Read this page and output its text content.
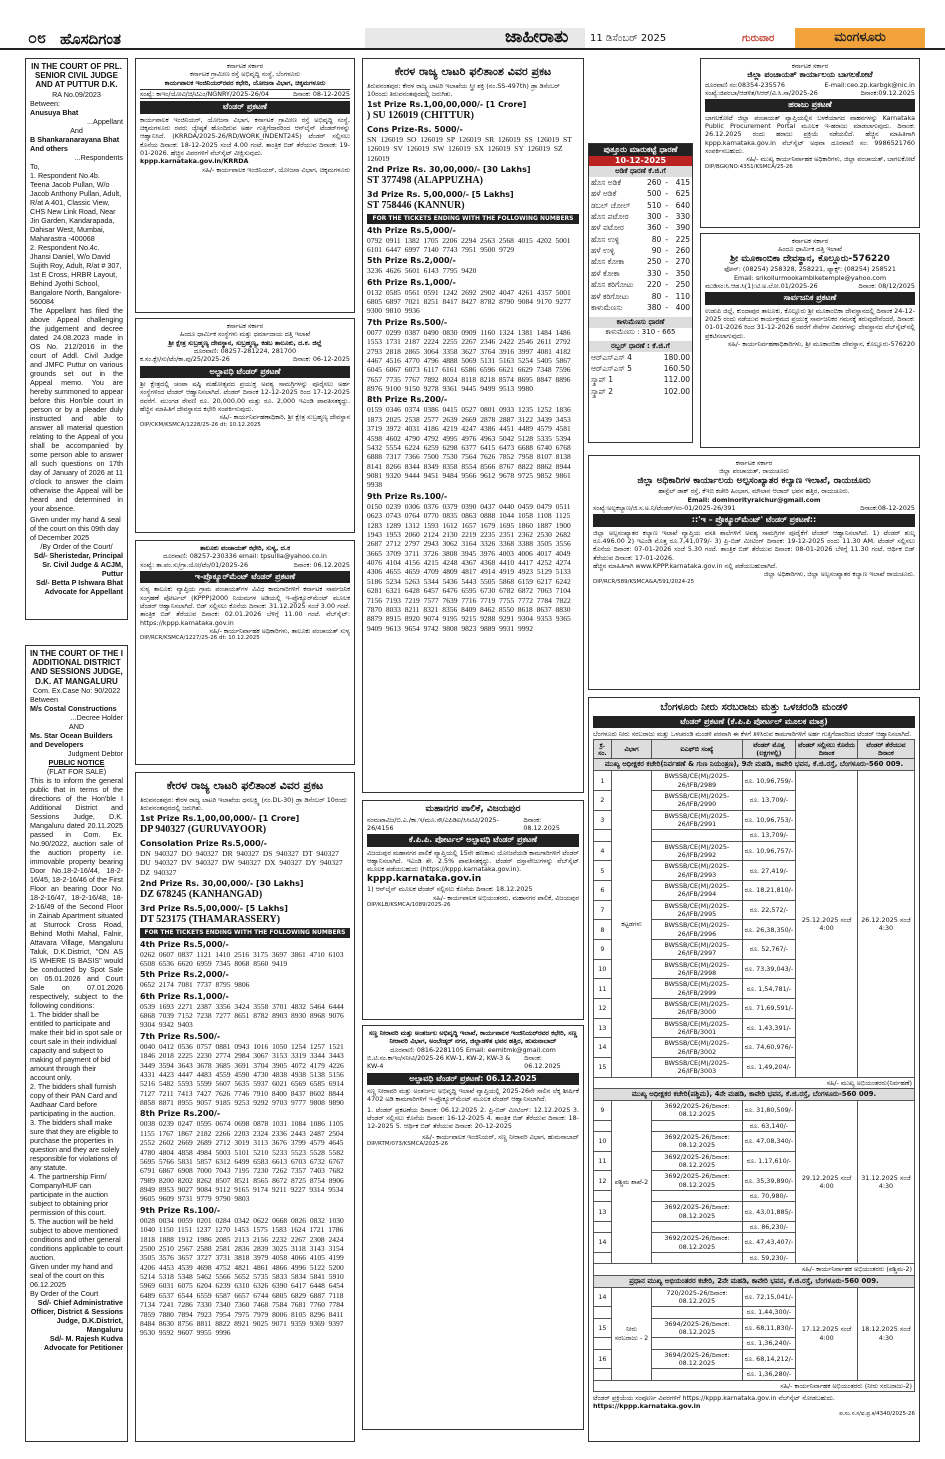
೦೮ ಹೊಸದಿಗಂತ	ಜಾಹೀರಾತು 11 ಡಿಸೆಂಬರ್ 2025	ಗುರುವಾರ	ಮಂಗಳೂರು
IN THE COURT OF PRL. SENIOR CIVIL JUDGE AND AT PUTTUR D.K.
RA No.09/2023
Between:
Anusuya Bhat
...Appellant
And
B Shankaranarayana Bhat And others
...Respondents
To,
1. Respondent No.4b.
Teena Jacob Pullan, W/o Jacob Anthony Pullan, Adult, R/at A 401, Classic View, CHS New Link Road, Near Jin Garden, Kandarapada, Dahisar West, Mumbai, Maharastra -400068
2. Respondent No.4c.
Jhansi Daniel, W/o David Sujith Roy, Adult, R/at # 307, 1st E Cross, HRBR Layout, Behind Jyothi School, Bangalore North, Bangalore-560084
The Appellant has filed the above Appeal challenging the judgement and decree dated 24.08.2023 made in OS No. 212/2016 in the court of Addl. Civil Judge and JMFC Puttur on various grounds set out in the Appeal memo. You are hereby summoned to appear before this Hon'ble court in person or by a pleader duly instructed and able to answer all material question relating to the Appeal of you shall be accompanied by some person able to answer all such questions on 17th day of January of 2026 at 11 o'clock to answer the claim otherwise the Appeal will be heard and determined in your absence.
Given under my hand & seal of the court on this 09th day of December 2025
/By Order of the Court/
Sd/- Sheristedar, Principal Sr. Civil Judge & ACJM, Puttur
Sd/- Betta P Ishwara Bhat Advocate for Appellant
IN THE COURT OF THE I ADDITIONAL DISTRICT AND SESSIONS JUDGE, D.K. AT MANGALURU
Com. Ex.Case No: 90/2022
Between
M/s Costal Constructions
...Decree Holder
AND
Ms. Star Ocean Builders and Developers
Judgment Debtor
PUBLIC NOTICE
(FLAT FOR SALE)
This is to inform the general public that in terms of the directions of the Hon'ble I Additional District and Sessions Judge, D.K. Mangaluru dated 20.11.2025 passed in Com. Ex. No.90/2022, auction sale of the auction property i.e. immovable property bearing Door No.18-2-16/44, 18-2-16/45, 18-2-16/46 of the First Floor an bearing Door No. 18-2-16/47, 18-2-16/48, 18-2-16/49 of the Second Floor in Zainab Apartment situated at Sturrock Cross Road, Behind Mothi Mahal, Falnir, Attavara Village, Mangaluru Taluk, D.K.District, "ON AS IS WHERE IS BASIS" would be conducted by Spot Sale on 05.01.2026 and Court Sale on 07.01.2026 respectively, subject to the following conditions:
1. The bidder shall be entitled to participate and make their bid in spot sale or court sale in their individual capacity and subject to making of payment of bid amount through their account only.
2. The bidders shall furnish copy of their PAN Card and Aadhaar Card before participating in the auction.
3. The bidders shall make sure that they are eligible to purchase the properties in question and they are solely responsible for violations of any statute.
4. The partnership Firm/ Company/HUF can participate in the auction subject to obtaining prior permission of this court.
5. The auction will be held subject to above mentioned conditions and other general conditions applicable to court auction.
Given under my hand and seal of the court on this 06.12.2025
By Order of the Court
Sd/- Chief Administrative Officer, District & Sessions Judge, D.K.District, Mangaluru
Sd/- M. Rajesh Kudva Advocate for Petitioner
ಕರ್ನಾಟಕ ಸರ್ಕಾರ
ಕರ್ನಾಟಕ ಗ್ರಾಮೀಣ ರಸ್ತೆ ಅಭಿವೃದ್ಧಿ ಸಂಸ್ಥೆ, ಬೆಂಗಳೂರು
ಕಾರ್ಯಪಾಲಕ ಇಂಜಿನಿಯರ್‌ರವರ ಕಛೇರಿ, ಯೋಜನಾ ವಿಭಾಗ, ಚಿಕ್ಕಮಗಳೂರು
ಸಂಖ್ಯೆ: ಕಾಇಂ/ಯೋವಿ/ಚಿ/ಟಿಎಂ/NGNRY/2025-26/04	ದಿನಾಂಕ: 08-12-2025
ಟೆಂಡರ್ ಪ್ರಕಟಣೆ
ಕಾರ್ಯಪಾಲಕ ಇಂಜಿನಿಯರ್, ಯೋಜನಾ ವಿಭಾಗ, ಕರ್ನಾಟಕ ಗ್ರಾಮೀಣ ರಸ್ತೆ ಅಭಿವೃದ್ಧಿ ಸಂಸ್ಥೆ, ಚಿಕ್ಕಮಗಳೂರು ರವರು ಜ್ಯೇಷ್ಠತೆ ಹೊಂದಿರುವ ಅರ್ಹ ಗುತ್ತಿಗೆದಾರರಿಂದ ಆನ್‌ಲೈನ್ ಟೆಂಡರ್‌ಗಳನ್ನು ಆಹ್ವಾನಿಸಿದೆ. (KRRDA/2025-26/RD/WORK_INDENT245) ಟೆಂಡರ್ ಸಲ್ಲಿಸಲು ಕೊನೆಯ ದಿನಾಂಕ: 18-12-2025 ಸಂಜೆ 4.00 ಗಂಟೆ. ತಾಂತ್ರಿಕ ಬಿಡ್ ತೆರೆಯುವ ದಿನಾಂಕ: 19-01-2026. ಹೆಚ್ಚಿನ ವಿವರಗಳಿಗೆ ವೆಬ್‌ಸೈಟ್ ವೀಕ್ಷಿಸುವುದು.
kppp.karnataka.gov.in/KRRDA
ಸಹಿ/- ಕಾರ್ಯಪಾಲಕ ಇಂಜಿನಿಯರ್, ಯೋಜನಾ ವಿಭಾಗ, ಚಿಕ್ಕಮಗಳೂರು
ಕರ್ನಾಟಕ ಸರ್ಕಾರ
ಹಿಂದೂ ಧಾರ್ಮಿಕ ಸಂಸ್ಥೆಗಳು ಮತ್ತು ಧರ್ಮಾದಾಯ ದತ್ತಿ ಇಲಾಖೆ
ಶ್ರೀ ಕ್ಷೇತ್ರ ಸುಬ್ರಹ್ಮಣ್ಯ ದೇವಸ್ಥಾನ, ಸುಬ್ರಹ್ಮಣ್ಯ, ಕಡಬ ತಾಲೂಕು, ದ.ಕ. ಜಿಲ್ಲೆ
ದೂರವಾಣಿ: 08257-281224, 281700
ಕ.ಸಂ.ಕ್ಷೇ/ಸು/ಟೆಂ/ಕಾ.ಪು/25/2025-26	ದಿನಾಂಕ: 06-12-2025
ಅಲ್ಪಾವಧಿ ಟೆಂಡರ್ ಪ್ರಕಟಣೆ
ಶ್ರೀ ಕ್ಷೇತ್ರದಲ್ಲಿ ಚಂಪಾ ಷಷ್ಠಿ ಮಹೋತ್ಸವದ ಪ್ರಯುಕ್ತ ಅವಶ್ಯ ಸಾಮಗ್ರಿಗಳನ್ನು ಪೂರೈಸಲು ಅರ್ಹ ಸಂಸ್ಥೆಗಳಿಂದ ಟೆಂಡರ್ ಆಹ್ವಾನಿಸಲಾಗಿದೆ. ಟೆಂಡರ್ ದಿನಾಂಕ 12-12-2025 ರಿಂದ 17-12-2025 ರವರೆಗೆ. ಮುಂಗಡ ಠೇವಣಿ ರೂ. 20,000.00 ಮತ್ತು ರೂ. 2,000 ಇಎಂಡಿ ಪಾವತಿಸತಕ್ಕದ್ದು. ಹೆಚ್ಚಿನ ಮಾಹಿತಿಗೆ ದೇವಸ್ಥಾನದ ಕಛೇರಿ ಸಂಪರ್ಕಿಸುವುದು.
ಸಹಿ/- ಕಾರ್ಯನಿರ್ವಹಣಾಧಿಕಾರಿ, ಶ್ರೀ ಕ್ಷೇತ್ರ ಸುಬ್ರಹ್ಮಣ್ಯ ದೇವಸ್ಥಾನ
DIP/CKM/KSMCA/1228/25-26 dt: 10.12.2025
ತಾಲೂಕು ಪಂಚಾಯತ್ ಕಛೇರಿ, ಸುಳ್ಯ, ದ.ಕ
ದೂರವಾಣಿ: 08257-230336 email: tpsullia@yahoo.co.in
ಸಂಖ್ಯೆ: ತಾ.ಪಂ.ಸು/ಗ್ರಾ.ಯೋ/ಟೆಂ/01/2025-26	ದಿನಾಂಕ: 06.12.2025
ಇ-ಪ್ರೊಕ್ಯೂರ್‌ಮೆಂಟ್ ಟೆಂಡರ್ ಪ್ರಕಟಣೆ
ಸುಳ್ಯ ತಾಲೂಕು ವ್ಯಾಪ್ತಿಯ ಗ್ರಾಮ ಪಂಚಾಯತ್‌ಗಳ ವಿವಿಧ ಕಾಮಗಾರಿಗಳಿಗೆ ಕರ್ನಾಟಕ ಸಾರ್ವಜನಿಕ ಸಂಗ್ರಹಣೆ ಪೋರ್ಟಲ್ (KPPP)2000 ನಿಯಮಗಳ ಅಡಿಯಲ್ಲಿ ಇ-ಪ್ರೊಕ್ಯೂರ್‌ಮೆಂಟ್ ಮೂಲಕ ಟೆಂಡರ್ ಆಹ್ವಾನಿಸಲಾಗಿದೆ. ಬಿಡ್ ಸಲ್ಲಿಸಲು ಕೊನೆಯ ದಿನಾಂಕ: 31.12.2025 ಸಂಜೆ 3.00 ಗಂಟೆ. ತಾಂತ್ರಿಕ ಬಿಡ್ ತೆರೆಯುವ ದಿನಾಂಕ: 02.01.2026 ಬೆಳಿಗ್ಗೆ 11.00 ಗಂಟೆ. ವೆಬ್‌ಸೈಟ್: https://kppp.karnataka.gov.in
ಸಹಿ/- ಕಾರ್ಯನಿರ್ವಾಹಕ ಅಧಿಕಾರಿಗಳು, ತಾಲೂಕು ಪಂಚಾಯತ್ ಸುಳ್ಯ
DIP/RCR/KSMCA/1227/25-26 dt: 10.12.2025
ಕೇರಳ ರಾಜ್ಯ ಲಾಟರಿ ಫಲಿತಾಂಶ ವಿವರ ಪ್ರಕಟ
ತಿರುವನಂತಪುರ: ಕೇರಳ ರಾಜ್ಯ ಲಾಟರಿ ಇಲಾಖೆಯ ಧನಲಕ್ಷ್ಮಿ (ನಂ.DL-30) ಡ್ರಾ ಡಿಸೆಂಬರ್ 10ರಂದು ತಿರುವನಂತಪುರದಲ್ಲಿ ಜರುಗಿತು.
1st Prize Rs.1,00,00,000/- [1 Crore]
DP 940327 (GURUVAYOOR)
Consolation Prize Rs.5,000/-
DN 940327 DO 940327 DR 940327 DS 940327 DT 940327 DU 940327 DV 940327 DW 940327 DX 940327 DY 940327 DZ 940327
2nd Prize Rs. 30,00,000/- [30 Lakhs]
DZ 678245 (KANHANGAD)
3rd Prize Rs.5,00,000/- [5 Lakhs]
DT 523175 (THAMARASSERY)
FOR THE TICKETS ENDING WITH THE FOLLOWING NUMBERS
4th Prize Rs.5,000/-
0262 0607 0837 1121 1410 2516 3175 3697 3861 4710 6103 6508 6536 6620 6959 7345 8068 8560 9419
5th Prize Rs.2,000/-
0652 2174 7081 7737 8795 9806
6th Prize Rs.1,000/-
0539 1693 2271 2387 3356 3424 3558 3701 4832 5464 6444 6868 7039 7152 7238 7277 8651 8782 8903 8930 8968 9076 9304 9342 9403
7th Prize Rs.500/-
0040 0412 0536 0757 0881 0943 1016 1050 1254 1257 1521 1846 2018 2225 2230 2774 2984 3067 3153 3319 3344 3443 3449 3594 3643 3678 3685 3691 3704 3905 4072 4179 4226 4331 4423 4447 4483 4559 4590 4730 4838 4938 5138 5156 5216 5482 5593 5599 5607 5635 5937 6021 6569 6585 6914 7127 7211 7413 7427 7626 7746 7910 8400 8437 8602 8844 8858 8871 8955 9057 9185 9253 9292 9703 9777 9808 9890
8th Prize Rs.200/-
0038 0239 0247 0595 0674 0698 0878 1031 1084 1086 1105 1155 1767 1867 2182 2266 2203 2324 2336 2443 2487 2504 2552 2602 2669 2689 2712 3019 3113 3676 3799 4579 4645 4780 4804 4858 4984 5003 5101 5210 5233 5523 5528 5582 5695 5766 5831 5857 6312 6499 6583 6613 6703 6732 6767 6791 6867 6908 7000 7043 7195 7230 7262 7357 7403 7682 7989 8200 8202 8262 8507 8521 8565 8672 8725 8754 8906 8949 8953 9027 9084 9112 9165 9174 9211 9227 9314 9534 9605 9609 9731 9779 9790 9803
9th Prize Rs.100/-
0028 0034 0059 0201 0284 0342 0622 0668 0826 0832 1030 1040 1150 1151 1237 1270 1453 1575 1583 1624 1721 1786 1818 1888 1912 1986 2085 2113 2156 2232 2267 2308 2424 2500 2510 2567 2588 2581 2836 2839 3025 3118 3143 3154 3505 3576 3657 3727 3731 3818 3979 4058 4066 4105 4199 4206 4453 4539 4698 4752 4821 4861 4866 4996 5122 5200 5214 5318 5348 5462 5566 5652 5735 5833 5834 5841 5910 5969 6031 6075 6204 6239 6310 6326 6390 6417 6448 6454 6489 6537 6544 6559 6587 6657 6744 6805 6829 6887 7118 7134 7241 7286 7330 7340 7360 7468 7584 7681 7760 7784 7859 7880 7894 7923 7954 7975 7979 8006 8105 8296 8411 8484 8630 8756 8811 8822 8921 9025 9071 9359 9369 9397 9530 9592 9607 9955 9996
ಕೇರಳ ರಾಜ್ಯ ಲಾಟರಿ ಫಲಿತಾಂಶ ವಿವರ ಪ್ರಕಟ
ತಿರುವನಂತಪುರ: ಕೇರಳ ರಾಜ್ಯ ಲಾಟರಿ ಇಲಾಖೆಯ ಸ್ತ್ರೀ ಶಕ್ತಿ (ನಂ.SS-497th) ಡ್ರಾ ಡಿಸೆಂಬರ್ 10ರಂದು ತಿರುವನಂತಪುರದಲ್ಲಿ ಜರುಗಿತು.
1st Prize Rs.1,00,00,000/- [1 Crore]
) SU 126019 (CHITTUR)
Cons Prize-Rs. 5000/-
SN 126019 SO 126019 SP 126019 SR 126019 SS 126019 ST 126019 SV 126019 SW 126019 SX 126019 SY 126019 SZ 126019
2nd Prize Rs. 30,00,000/- [30 Lakhs]
ST 377498 (ALAPPUZHA)
3d Prize Rs. 5,00,000/- [5 Lakhs]
ST 758446 (KANNUR)
FOR THE TICKETS ENDING WITH THE FOLLOWING NUMBERS
4th Prize Rs.5,000/-
0792 0911 1382 1705 2206 2294 2563 2568 4015 4202 5001 6101 6447 6997 7140 7743 7951 9500 9729
5th Prize Rs.2,000/-
3236 4626 5601 6143 7795 9420
6th Prize Rs.1,000/-
0132 0585 0561 0591 1242 2692 2902 4047 4261 4357 5001 6805 6897 7021 8251 8417 8427 8782 8790 9084 9170 9277 9300 9810 9936
7th Prize Rs.500/-
0077 0299 0387 0490 0830 0909 1160 1324 1381 1484 1486 1553 1731 2187 2224 2255 2267 2346 2422 2546 2611 2792 2793 2818 2865 3064 3358 3627 3764 3916 3997 4081 4182 4467 4516 4770 4796 4888 5069 5131 5163 5254 5405 5867 6045 6067 6073 6117 6161 6586 6596 6621 6629 7348 7596 7657 7735 7767 7892 8024 8118 8218 8574 8695 8847 8896 8976 9100 9150 9278 9361 9445 9499 9513 9980
8th Prize Rs.200/-
0159 0346 0374 0386 0415 0527 0801 0933 1235 1252 1836 1873 2025 2538 2577 2639 2669 2878 2887 3122 3439 3453 3719 3972 4031 4186 4219 4247 4386 4451 4489 4579 4581 4598 4602 4790 4792 4995 4976 4963 5042 5128 5335 5394 5432 5554 6224 6259 6298 6377 6415 6473 6688 6740 6768 6888 7317 7366 7500 7530 7564 7626 7852 7958 8107 8138 8141 8266 8344 8349 8358 8554 8566 8767 8822 8862 8944 9081 9320 9444 9451 9484 9566 9612 9678 9725 9852 9861 9938
9th Prize Rs.100/-
0150 0239 0306 0376 0379 0390 0437 0440 0459 0479 0511 0623 0743 0764 0770 0835 0863 0888 1044 1058 1108 1125 1283 1289 1312 1593 1612 1657 1679 1695 1860 1887 1900 1943 1953 2060 2124 2130 2219 2235 2351 2362 2530 2682 2687 2712 2797 2943 3062 3164 3326 3368 3388 3505 3556 3665 3709 3711 3726 3808 3945 3976 4003 4006 4017 4049 4076 4104 4156 4215 4248 4367 4368 4410 4417 4252 4274 4306 4655 4659 4709 4809 4817 4914 4919 4923 5129 5133 5186 5234 5263 5344 5436 5443 5505 5868 6159 6217 6242 6281 6321 6428 6457 6476 6595 6730 6782 6872 7063 7104 7156 7193 7219 7577 7639 7716 7719 7755 7772 7784 7822 7870 8033 8211 8321 8356 8409 8462 8550 8618 8637 8830 8879 8915 8920 9074 9195 9215 9288 9291 9304 9353 9365 9409 9613 9654 9742 9808 9823 9889 9931 9992
ಪುತ್ತೂರು ಮಾರುಕಟ್ಟೆ ಧಾರಣೆ
10-12-2025
ಅಡಿಕೆ ಧಾರಣೆ ಕೆ.ಜಿ.ಗೆ
ಹೊಸ ಅಡಿಕೆ	260	-	415
ಹಳೆ ಅಡಿಕೆ	500	-	625
ಡಬಲ್ ಚೋಲ್	510	-	640
ಹೊಸ ಪಟೋರ	300	-	330
ಹಳೆ ಪಟೋರ	360	-	390
ಹೊಸ ಉಳ್ಳಿ	80	-	225
ಹಳೆ ಉಳ್ಳಿ	90	-	260
ಹೊಸ ಕೋಕಾ	250	-	270
ಹಳೆ ಕೋಕಾ	330	-	350
ಹೊಸ ಕರಿಗೋಟು	220	-	250
ಹಳೆ ಕರಿಗೋಟು	80	-	110
ಕಾಳುಮೆಣಸು	380	-	400
ಕಾಳುಮೆಣಸು ಧಾರಣೆ
ಕಾಳುಮೆಣಸು : 310 - 665
ರಬ್ಬರ್ ಧಾರಣೆ : ಕೆ.ಜಿ.ಗೆ
ಆರ್‌ಎಸ್‌ಎಸ್ 4	180.00
ಆರ್‌ಎಸ್‌ಎಸ್ 5	160.50
ಸ್ಕ್ರಾಪ್ 1	112.00
ಸ್ಕ್ರಾಪ್ 2	102.00
ಮಹಾನಗರ ಪಾಲಿಕೆ, ವಿಜಯಪುರ
ನಂಮಪಾವಿಜ/ಬಿ.ಎ./ಕಾ.ಇ/ಮೂ.ಸೌ/ಎಪಿಡಿಐ/ಸಿಸಿಟಿವಿ/2025-26/4156
ದಿನಾಂಕ: 08.12.2025
ಕೆ.ಪಿ.ಪಿ. ಪೋರ್ಟಲ್ ಅಲ್ಪಾವಧಿ ಟೆಂಡರ್ ಪ್ರಕಟಣೆ
ವಿಜಯಪುರ ಮಹಾನಗರ ಪಾಲಿಕೆ ವ್ಯಾಪ್ತಿಯಲ್ಲಿ 15ನೇ ಹಣಕಾಸು ಯೋಜನೆಯಡಿ ಕಾಮಗಾರಿಗಳಿಗೆ ಟೆಂಡರ್ ಆಹ್ವಾನಿಸಲಾಗಿದೆ. ಇಎಂಡಿ ಶೇ. 2.5% ಪಾವತಿಸತಕ್ಕದ್ದು. ಟೆಂಡರ್ ದಸ್ತಾವೇಜುಗಳನ್ನು ವೆಬ್‌ಸೈಟ್ ಮೂಲಕ ಪಡೆಯಬಹುದು (https://kppp.karnataka.gov.in).
kppp.karnataka.gov.in
1) ಆನ್‌ಲೈನ್ ಮೂಲಕ ಟೆಂಡರ್ ಸಲ್ಲಿಸಲು ಕೊನೆಯ ದಿನಾಂಕ: 18.12.2025
ಸಹಿ/- ಕಾರ್ಯಪಾಲಕ ಅಭಿಯಂತರರು, ಮಹಾನಗರ ಪಾಲಿಕೆ, ವಿಜಯಪುರ
DIP/KLB/KSMCA/1089/2025-26
ಸಣ್ಣ ನೀರಾವರಿ ಮತ್ತು ಅಂತರ್ಜಲ ಅಭಿವೃದ್ಧಿ ಇಲಾಖೆ, ಕಾರ್ಯಪಾಲಕ ಇಂಜಿನಿಯರ್‌ರವರ ಕಛೇರಿ, ಸಣ್ಣ ನೀರಾವರಿ ವಿಭಾಗ, ಅಂಬೇಡ್ಕರ್ ನಗರ, ಜಿಲ್ಲಾಡಳಿತ ಭವನ ಹತ್ತಿರ, ಹುಮನಾಬಾದ್
ದೂರವಾಣಿ: 0816-2281105 Email: eemitmk@gmail.com
ಬಿ.ಟಿ.ಸಂ.ಕಾಇಂ/ಸನೀವಿ/2025-26 KW-1, KW-2, KW-3 & KW-4
ದಿನಾಂಕ: 06.12.2025
ಅಲ್ಪಾವಧಿ ಟೆಂಡರ್ ಪ್ರಕಟಣೆ: 06.12.2025
ಸಣ್ಣ ನೀರಾವರಿ ಮತ್ತು ಅಂತರ್ಜಲ ಅಭಿವೃದ್ಧಿ ಇಲಾಖೆ ವ್ಯಾಪ್ತಿಯಲ್ಲಿ 2025-26ನೇ ಸಾಲಿನ ಲೆಕ್ಕ ಶೀರ್ಷಿಕೆ 4702 ಅಡಿ ಕಾಮಗಾರಿಗಳಿಗೆ ಇ-ಪ್ರೊಕ್ಯೂರ್‌ಮೆಂಟ್ ಮೂಲಕ ಟೆಂಡರ್ ಆಹ್ವಾನಿಸಲಾಗಿದೆ.
1. ಟೆಂಡರ್ ಪ್ರಕಟಣೆಯ ದಿನಾಂಕ: 06.12.2025 2. ಪ್ರಿ-ಬಿಡ್ ಮೀಟಿಂಗ್: 12.12.2025 3. ಟೆಂಡರ್ ಸಲ್ಲಿಸಲು ಕೊನೆಯ ದಿನಾಂಕ: 16-12-2025 4. ತಾಂತ್ರಿಕ ಬಿಡ್ ತೆರೆಯುವ ದಿನಾಂಕ: 18-12-2025 5. ಆರ್ಥಿಕ ಬಿಡ್ ತೆರೆಯುವ ದಿನಾಂಕ: 20-12-2025
ಸಹಿ/- ಕಾರ್ಯಪಾಲಕ ಇಂಜಿನಿಯರ್, ಸಣ್ಣ ನೀರಾವರಿ ವಿಭಾಗ, ಹುಮನಾಬಾದ್
DIP/RTM/073/KSMCA/2025-26
ಕರ್ನಾಟಕ ಸರ್ಕಾರ
ಜಿಲ್ಲಾ ಪಂಚಾಯತ್ ಕಾರ್ಯಾಲಯ ಬಾಗಲಕೋಟೆ
ದೂರವಾಣಿ ಸಂ:08354-235576	E-mail:ceo.zp.karbgk@nic.in
ಸಂಖ್ಯೆ:ಜಿಪಂಬಾ/ಆಡಳಿತ/ಸಿಆರ್/ವಿ.ಸಿ.ಸಾ/2025-26	ದಿನಾಂಕ:09.12.2025
ಹರಾಜು ಪ್ರಕಟಣೆ
ಬಾಗಲಕೋಟೆ ಜಿಲ್ಲಾ ಪಂಚಾಯತ್ ವ್ಯಾಪ್ತಿಯಲ್ಲಿನ ಬಳಕೆಯಾಗದ ವಾಹನಗಳನ್ನು Karnataka Public Procurement Portal ಮೂಲಕ ಇ-ಹರಾಜು ಮಾಡಲಾಗುವುದು. ದಿನಾಂಕ: 26.12.2025 ರಂದು ಹರಾಜು ಪ್ರಕ್ರಿಯೆ ನಡೆಯಲಿದೆ. ಹೆಚ್ಚಿನ ಮಾಹಿತಿಗಾಗಿ kppp.karnataka.gov.in ವೆಬ್‌ಸೈಟ್ ಅಥವಾ ದೂರವಾಣಿ ಸಂ: 9986521760 ಸಂಪರ್ಕಿಸಬಹುದು.
ಸಹಿ/- ಮುಖ್ಯ ಕಾರ್ಯನಿರ್ವಾಹಕ ಅಧಿಕಾರಿಗಳು, ಜಿಲ್ಲಾ ಪಂಚಾಯತ್, ಬಾಗಲಕೋಟೆ
DIP/BGK/NO:4351/KSMCA/25-26
ಕರ್ನಾಟಕ ಸರ್ಕಾರ
ಹಿಂದೂ ಧಾರ್ಮಿಕ ದತ್ತಿ ಇಲಾಖೆ
ಶ್ರೀ ಮೂಕಾಂಬಿಕಾ ದೇವಸ್ಥಾನ, ಕೊಲ್ಲೂರು-576220
ಫೋನ್: (08254) 258328, 258221, ಫ್ಯಾಕ್ಸ್: (08254) 258521
Email: srikollurmookambiketemple@yahoo.com
ಮುಡಿಸಂ:ಸಿ.ಆಡ.ಸಿ(1):ಟಿ.ಅ.ಲೋ.01/2025-26	ದಿನಾಂಕ: 08/12/2025
ಸಾರ್ವಜನಿಕ ಪ್ರಕಟಣೆ
ಉಡುಪಿ ಜಿಲ್ಲೆ, ಕುಂದಾಪುರ ತಾಲೂಕು, ಕೊಲ್ಲೂರು ಶ್ರೀ ಮೂಕಾಂಬಿಕಾ ದೇವಸ್ಥಾನದಲ್ಲಿ ದಿನಾಂಕ 24-12-2025 ರಂದು ನಡೆಯುವ ಕಾರ್ಯಕ್ರಮದ ಪ್ರಯುಕ್ತ ಸಾರ್ವಜನಿಕರ ಗಮನಕ್ಕೆ ತರುವುದೇನೆಂದರೆ, ದಿನಾಂಕ: 01-01-2026 ರಿಂದ 31-12-2026 ರವರೆಗೆ ಸೇವೆಗಳ ವಿವರಗಳನ್ನು ದೇವಸ್ಥಾನದ ವೆಬ್‌ಸೈಟ್‌ನಲ್ಲಿ ಪ್ರಕಟಿಸಲಾಗುವುದು.
ಸಹಿ/- ಕಾರ್ಯನಿರ್ವಹಣಾಧಿಕಾರಿಗಳು, ಶ್ರೀ ಮೂಕಾಂಬಿಕಾ ದೇವಸ್ಥಾನ, ಕೊಲ್ಲೂರು-576220
ಕರ್ನಾಟಕ ಸರ್ಕಾರ
ಜಿಲ್ಲಾ ಪಂಚಾಯತ್, ರಾಯಚೂರು
ಜಿಲ್ಲಾ ಅಧಿಕಾರಿಗಳ ಕಾರ್ಯಾಲಯ ಅಲ್ಪಸಂಖ್ಯಾತರ ಕಲ್ಯಾಣ ಇಲಾಖೆ, ರಾಯಚೂರು
ಹಾಸ್ಟೆಲ್ ಡಾಕ್ ರಸ್ತೆ, ಕೆಇಬಿ ಕಚೇರಿ ಹಿಂಭಾಗ, ಮೌಲಾನ ಆಜಾದ್ ಭವನ ಹತ್ತಿರ, ರಾಯಚೂರು.
Email: dominorityraichur@gmail.com
ಸಂಖ್ಯೆ:ಅಲ್ಪಕಲ್ಯಾಣ/ಜಿ.ಸ.ಅ.ನಿ/ಟೆಂಡರ್/ನಂ-01/2025-26/391	ದಿನಾಂಕ:08-12-2025
::'ಇ – ಪ್ರೊಕ್ಯೂರ್‌ಮೆಂಟ್' ಟೆಂಡರ್ ಪ್ರಕಟಣೆ::
ಜಿಲ್ಲಾ ಅಲ್ಪಸಂಖ್ಯಾತರ ಕಲ್ಯಾಣ ಇಲಾಖೆ ವ್ಯಾಪ್ತಿಯ ವಸತಿ ಶಾಲೆಗಳಿಗೆ ಅವಶ್ಯ ಸಾಮಗ್ರಿಗಳ ಪೂರೈಕೆಗೆ ಟೆಂಡರ್ ಆಹ್ವಾನಿಸಲಾಗಿದೆ. 1) ಟೆಂಡರ್ ಶುಲ್ಕ ರೂ.496.00 2) ಇಎಂಡಿ ಮೊತ್ತ ರೂ.7,41,079/- 3) ಪ್ರಿ-ಬಿಡ್ ಮೀಟಿಂಗ್ ದಿನಾಂಕ: 19-12-2025 ರಂದು 11.30 AM. ಟೆಂಡರ್ ಸಲ್ಲಿಸಲು ಕೊನೆಯ ದಿನಾಂಕ: 07-01-2026 ಸಂಜೆ 5.30 ಗಂಟೆ. ತಾಂತ್ರಿಕ ಬಿಡ್ ತೆರೆಯುವ ದಿನಾಂಕ: 08-01-2026 ಬೆಳಿಗ್ಗೆ 11.30 ಗಂಟೆ. ಆರ್ಥಿಕ ಬಿಡ್ ತೆರೆಯುವ ದಿನಾಂಕ: 17-01-2026.
ಹೆಚ್ಚಿನ ಮಾಹಿತಿಗಾಗಿ www.KPPP.karnataka.gov.in ನಲ್ಲಿ ಪಡೆಯಬಹುದಾಗಿದೆ.
ಜಿಲ್ಲಾ ಅಧಿಕಾರಿಗಳು, ಜಿಲ್ಲಾ ಅಲ್ಪಸಂಖ್ಯಾತರ ಕಲ್ಯಾಣ ಇಲಾಖೆ ರಾಯಚೂರು.
DIP/RCR/589/KSMCA&A/591/2024-25
ಬೆಂಗಳೂರು ನೀರು ಸರಬರಾಜು ಮತ್ತು ಒಳಚರಂಡಿ ಮಂಡಳಿ
ಟೆಂಡರ್ ಪ್ರಕಟಣೆ (ಕೆ.ಪಿ.ಪಿ ಪೋರ್ಟಲ್ ಮೂಲಕ ಮಾತ್ರ)
ಬೆಂಗಳೂರು ನೀರು ಸರಬರಾಜು ಮತ್ತು ಒಳಚರಂಡಿ ಮಂಡಳಿ ಪರವಾಗಿ ಈ ಕೆಳಗೆ ತಿಳಿಸಿರುವ ಕಾಮಗಾರಿಗಳಿಗೆ ಅರ್ಹ ಗುತ್ತಿಗೆದಾರರಿಂದ ಟೆಂಡರ್ ಆಹ್ವಾನಿಸಲಾಗಿದೆ.
ಕ್ರ. ಸಂ.	ವಿಭಾಗ	ಐಎಫ್‌ಬಿ ಸಂಖ್ಯೆ	ಟೆಂಡರ್ ಮೊತ್ತ (ಲಕ್ಷಗಳಲ್ಲಿ)	ಟೆಂಡರ್ ಸಲ್ಲಿಸಲು ಕೊನೆಯ ದಿನಾಂಕ	ಟೆಂಡರ್ ತೆರೆಯುವ ದಿನಾಂಕ
ಮುಖ್ಯ ಅಧೀಕ್ಷಕರ ಕಚೇರಿ(ನಿರ್ವಹಣೆ & ಗುಣ ನಿಯಂತ್ರಣ), 9ನೇ ಮಹಡಿ, ಕಾವೇರಿ ಭವನ, ಕೆ.ಜಿ.ರಸ್ತೆ, ಬೆಂಗಳೂರು-560 009.					
1	ಕಟ್ಟಡಗಳು	BWSSB/CE(M)/2025-26/IFB/2989	ರೂ. 10,96,759/-	25.12.2025 ಸಂಜೆ 4:00	26.12.2025 ಸಂಜೆ 4:30
2		BWSSB/CE(M)/2025-26/IFB/2990	ರೂ. 13,709/-		
3		BWSSB/CE(M)/2025-26/IFB/2991	ರೂ. 10,96,753/-		
			ರೂ. 13,709/-		
4		BWSSB/CE(M)/2025-26/IFB/2992	ರೂ. 10,96,757/-		
5		BWSSB/CE(M)/2025-26/IFB/2993	ರೂ. 27,419/-		
6		BWSSB/CE(M)/2025-26/IFB/2994	ರೂ. 18,21,810/-		
7		BWSSB/CE(M)/2025-26/IFB/2995	ರೂ. 22,572/-		
8		BWSSB/CE(M)/2025-26/IFB/2996	ರೂ. 26,38,350/-		
9		BWSSB/CE(M)/2025-26/IFB/2997	ರೂ. 52,767/-		
10		BWSSB/CE(M)/2025-26/IFB/2998	ರೂ. 73,39,043/-		
11		BWSSB/CE(M)/2025-26/IFB/2999	ರೂ. 1,54,781/-		
12		BWSSB/CE(M)/2025-26/IFB/3000	ರೂ. 71,69,591/-		
13		BWSSB/CE(M)/2025-26/IFB/3001	ರೂ. 1,43,391/-		
14		BWSSB/CE(M)/2025-26/IFB/3002	ರೂ. 74,60,976/-		
15		BWSSB/CE(M)/2025-26/IFB/3003	ರೂ. 1,49,204/-		
ಸಹಿ/- ಮುಖ್ಯ ಅಭಿಯಂತರರು(ನಿರ್ವಹಣೆ)					
ಮುಖ್ಯ ಅಧೀಕ್ಷಕರ ಕಚೇರಿ(ಪಶ್ಚಿಮ), 4ನೇ ಮಹಡಿ, ಕಾವೇರಿ ಭವನ, ಕೆ.ಜಿ.ರಸ್ತೆ, ಬೆಂಗಳೂರು-560 009.					
9	ಪಶ್ಚಿಮ ಶಾಖೆ-2	3692/2025-26/ದಿನಾಂಕ: 08.12.2025	ರೂ. 31,80,509/-	29.12.2025 ಸಂಜೆ 4:00	31.12.2025 ಸಂಜೆ 4:30
			ರೂ. 63,140/-		
10		3692/2025-26/ದಿನಾಂಕ: 08.12.2025	ರೂ. 47,08,340/-		
11		3692/2025-26/ದಿನಾಂಕ: 08.12.2025	ರೂ. 1,17,610/-		
12		3692/2025-26/ದಿನಾಂಕ: 08.12.2025	ರೂ. 35,39,890/-		
			ರೂ. 70,980/-		
13		3692/2025-26/ದಿನಾಂಕ: 08.12.2025	ರೂ. 43,01,885/-		
			ರೂ. 86,230/-		
14		3692/2025-26/ದಿನಾಂಕ: 08.12.2025	ರೂ. 47,43,407/-		
			ರೂ. 59,230/-		
ಸಹಿ/- ಕಾರ್ಯನಿರ್ವಾಹಕ ಅಭಿಯಂತರರು (ಪಶ್ಚಿಮ-2)					
ಪ್ರಧಾನ ಮುಖ್ಯ ಅಭಿಯಂತರರ ಕಚೇರಿ, 2ನೇ ಮಹಡಿ, ಕಾವೇರಿ ಭವನ, ಕೆ.ಜಿ.ರಸ್ತೆ, ಬೆಂಗಳೂರು-560 009.					
14	ನೀರು ಸರಬರಾಜು - 2	720/2025-26/ದಿನಾಂಕ: 08.12.2025	ರೂ. 72,15,041/-	17.12.2025 ಸಂಜೆ 4:00	18.12.2025 ಸಂಜೆ 4:30
			ರೂ. 1,44,300/-		
15		3694/2025-26/ದಿನಾಂಕ: 08.12.2025	ರೂ. 68,11,830/-		
			ರೂ. 1,36,240/-		
16		3694/2025-26/ದಿನಾಂಕ: 08.12.2025	ರೂ. 68,14,212/-		
			ರೂ. 1,36,280/-		
ಸಹಿ/- ಕಾರ್ಯನಿರ್ವಾಹಕ ಅಭಿಯಂತರರು (ನೀರು ಸರಬರಾಜು-2)					
ಟೆಂಡರ್ ಪ್ರಕ್ರಿಯೆಯ ಸಂಪೂರ್ಣ ವಿವರಗಳಿಗೆ https://kppp.karnataka.gov.in ವೆಬ್‌ಸೈಟ್ ನೋಡಬಹುದು.
https://kppp.karnataka.gov.in
ಪ.ಸಂ.ಸ.ಸ/ವ.ಪ್ರ.ಕ/4340/2025-26
